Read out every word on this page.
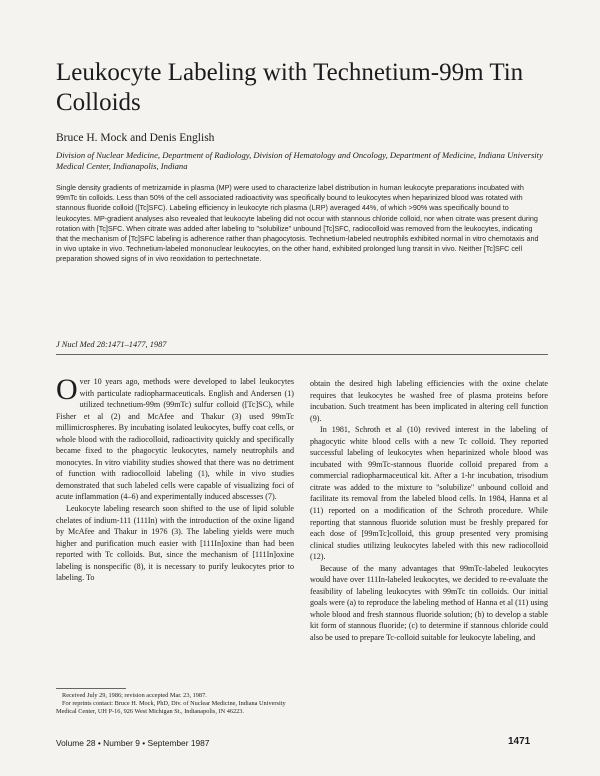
Leukocyte Labeling with Technetium-99m Tin Colloids
Bruce H. Mock and Denis English
Division of Nuclear Medicine, Department of Radiology, Division of Hematology and Oncology, Department of Medicine, Indiana University Medical Center, Indianapolis, Indiana
Single density gradients of metrizamide in plasma (MP) were used to characterize label distribution in human leukocyte preparations incubated with 99mTc tin colloids. Less than 50% of the cell associated radioactivity was specifically bound to leukocytes when heparinized blood was rotated with stannous fluoride colloid ([Tc]SFC). Labeling efficiency in leukocyte rich plasma (LRP) averaged 44%, of which >90% was specifically bound to leukocytes. MP-gradient analyses also revealed that leukocyte labeling did not occur with stannous chloride colloid, nor when citrate was present during rotation with [Tc]SFC. When citrate was added after labeling to "solubilize" unbound [Tc]SFC, radiocolloid was removed from the leukocytes, indicating that the mechanism of [Tc]SFC labeling is adherence rather than phagocytosis. Technetium-labeled neutrophils exhibited normal in vitro chemotaxis and in vivo uptake in vivo. Technetium-labeled mononuclear leukocytes, on the other hand, exhibited prolonged lung transit in vivo. Neither [Tc]SFC cell preparation showed signs of in vivo reoxidation to pertechnetate.
J Nucl Med 28:1471–1477, 1987

Over 10 years ago, methods were developed to label leukocytes with particulate radiopharmaceuticals. English and Andersen (1) utilized technetium-99m (99mTc) sulfur colloid ([Tc]SC), while Fisher et al (2) and McAfee and Thakur (3) used 99mTc millimicrospheres. By incubating isolated leukocytes, buffy coat cells, or whole blood with the radiocolloid, radioactivity quickly and specifically became fixed to the phagocytic leukocytes, namely neutrophils and monocytes. In vitro viability studies showed that there was no detriment of function with radiocolloid labeling (1), while in vivo studies demonstrated that such labeled cells were capable of visualizing foci of acute inflammation (4–6) and experimentally induced abscesses (7).

Leukocyte labeling research soon shifted to the use of lipid soluble chelates of indium-111 (111In) with the introduction of the oxine ligand by McAfee and Thakur in 1976 (3). The labeling yields were much higher and purification much easier with [111In]oxine than had been reported with Tc colloids. But, since the mechanism of [111In]oxine labeling is nonspecific (8), it is necessary to purify leukocytes prior to labeling. To

obtain the desired high labeling efficiencies with the oxine chelate requires that leukocytes be washed free of plasma proteins before incubation. Such treatment has been implicated in altering cell function (9).

In 1981, Schroth et al (10) revived interest in the labeling of phagocytic white blood cells with a new Tc colloid. They reported successful labeling of leukocytes when heparinized whole blood was incubated with 99mTc-stannous fluoride colloid prepared from a commercial radiopharmaceutical kit. After a 1-hr incubation, trisodium citrate was added to the mixture to "solubilize" unbound colloid and facilitate its removal from the labeled blood cells. In 1984, Hanna et al (11) reported on a modification of the Schroth procedure. While reporting that stannous fluoride solution must be freshly prepared for each dose of [99mTc]colloid, this group presented very promising clinical studies utilizing leukocytes labeled with this new radiocolloid (12).

Because of the many advantages that 99mTc-labeled leukocytes would have over 111In-labeled leukocytes, we decided to re-evaluate the feasibility of labeling leukocytes with 99mTc tin colloids. Our initial goals were (a) to reproduce the labeling method of Hanna et al (11) using whole blood and fresh stannous fluoride solution; (b) to develop a stable kit form of stannous fluoride; (c) to determine if stannous chloride could also be used to prepare Tc-colloid suitable for leukocyte labeling, and

Received July 29, 1986; revision accepted Mar. 23, 1987.

For reprints contact: Bruce H. Mock, PhD, Div. of Nuclear Medicine, Indiana University Medical Center, UH P-16, 926 West Michigan St., Indianapolis, IN 46223.

Volume 28 • Number 9 • September 1987	1471
